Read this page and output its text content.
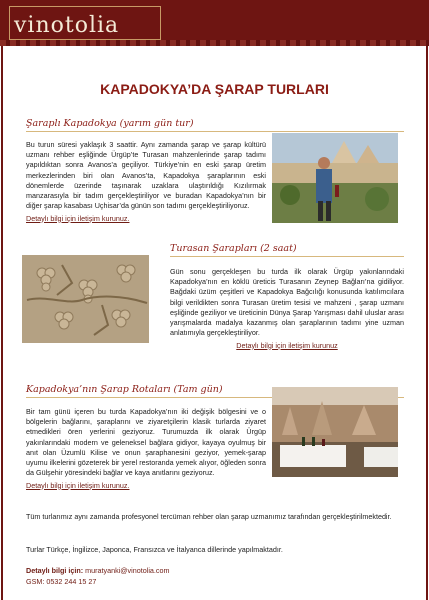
vinotolia
KAPADOKYA’DA ŞARAP TURLARI
Şaraplı Kapadokya (yarım gün tur)
Bu turun süresi yaklaşık 3 saattir. Aynı zamanda şarap ve şarap kültürü uzmanı rehber eşliğinde Ürgüp’te Turasan mahzenlerinde şarap tadımı yapıldıktan sonra Avanos’a geçiliyor. Türkiye’nin en eski şarap üretim merkezlerinden biri olan Avanos’ta, Kapadokya şaraplarının eski dönemlerde üzerinde taşınarak uzaklara ulaştırıldığı Kızılırmak manzarasıyla bir tadım gerçekleştiriliyor ve buradan Kapadokya’nın bir diğer şarap kasabası Uçhisar’da günün son tadımı gerçekleştiriliyoruz.
Detaylı bilgi için iletişim kurunuz.
Turasan Şarapları (2 saat)
Gün sonu gerçekleşen bu turda ilk olarak Ürgüp yakınlarındaki Kapadokya’nın en köklü üreticis Turasanın Zeynep Bağları’na gidiliyor. Bağdaki üzüm çeşitleri ve Kapadokya Bağcılığı konusunda katılımcılara bilgi verildikten sonra Turasan üretim tesisi ve mahzeni , şarap uzmanı eşliğinde geziliyor ve üreticinin Dünya Şarap Yarışması dahil uluslar arası yarışmalarda madalya kazanmış olan şaraplarının tadımı yine uzman anlatımıyla gerçekleştiriliyor.
Detaylı bilgi için iletişim kurunuz
Kapadokya’nın Şarap Rotaları (Tam gün)
Bir tam günü içeren bu turda Kapadokya’nın iki değişik bölgesini ve o bölgelerin bağlarını, şaraplarını ve ziyaretçilerin klasik turlarda ziyaret etmedikleri ören yerlerini geziyoruz. Turumuzda ilk olarak Ürgüp yakınlarındaki modern ve geleneksel bağlara gidiyor, kayaya oyulmuş bir anıt olan Üzumlü Kilise ve onun şaraphanesini geziyor, yemek-şarap uyumu ilkelerini gözeterek bir yerel restoranda yemek alıyor, öğleden sonra da Gülşehir yöresindeki bağlar ve kaya anıtlarını geziyoruz.
Detaylı bilgi için iletişim kurunuz.
Tüm turlarımız aynı zamanda profesyonel tercüman rehber olan şarap uzmanımız tarafından gerçekleştirilmektedir.
Turlar Türkçe, İngilizce, Japonca, Fransızca ve İtalyanca dillerinde yapılmaktadır.
Detaylı bilgi için: muratyanki@vinotolia.com
GSM: 0532 244 15 27
